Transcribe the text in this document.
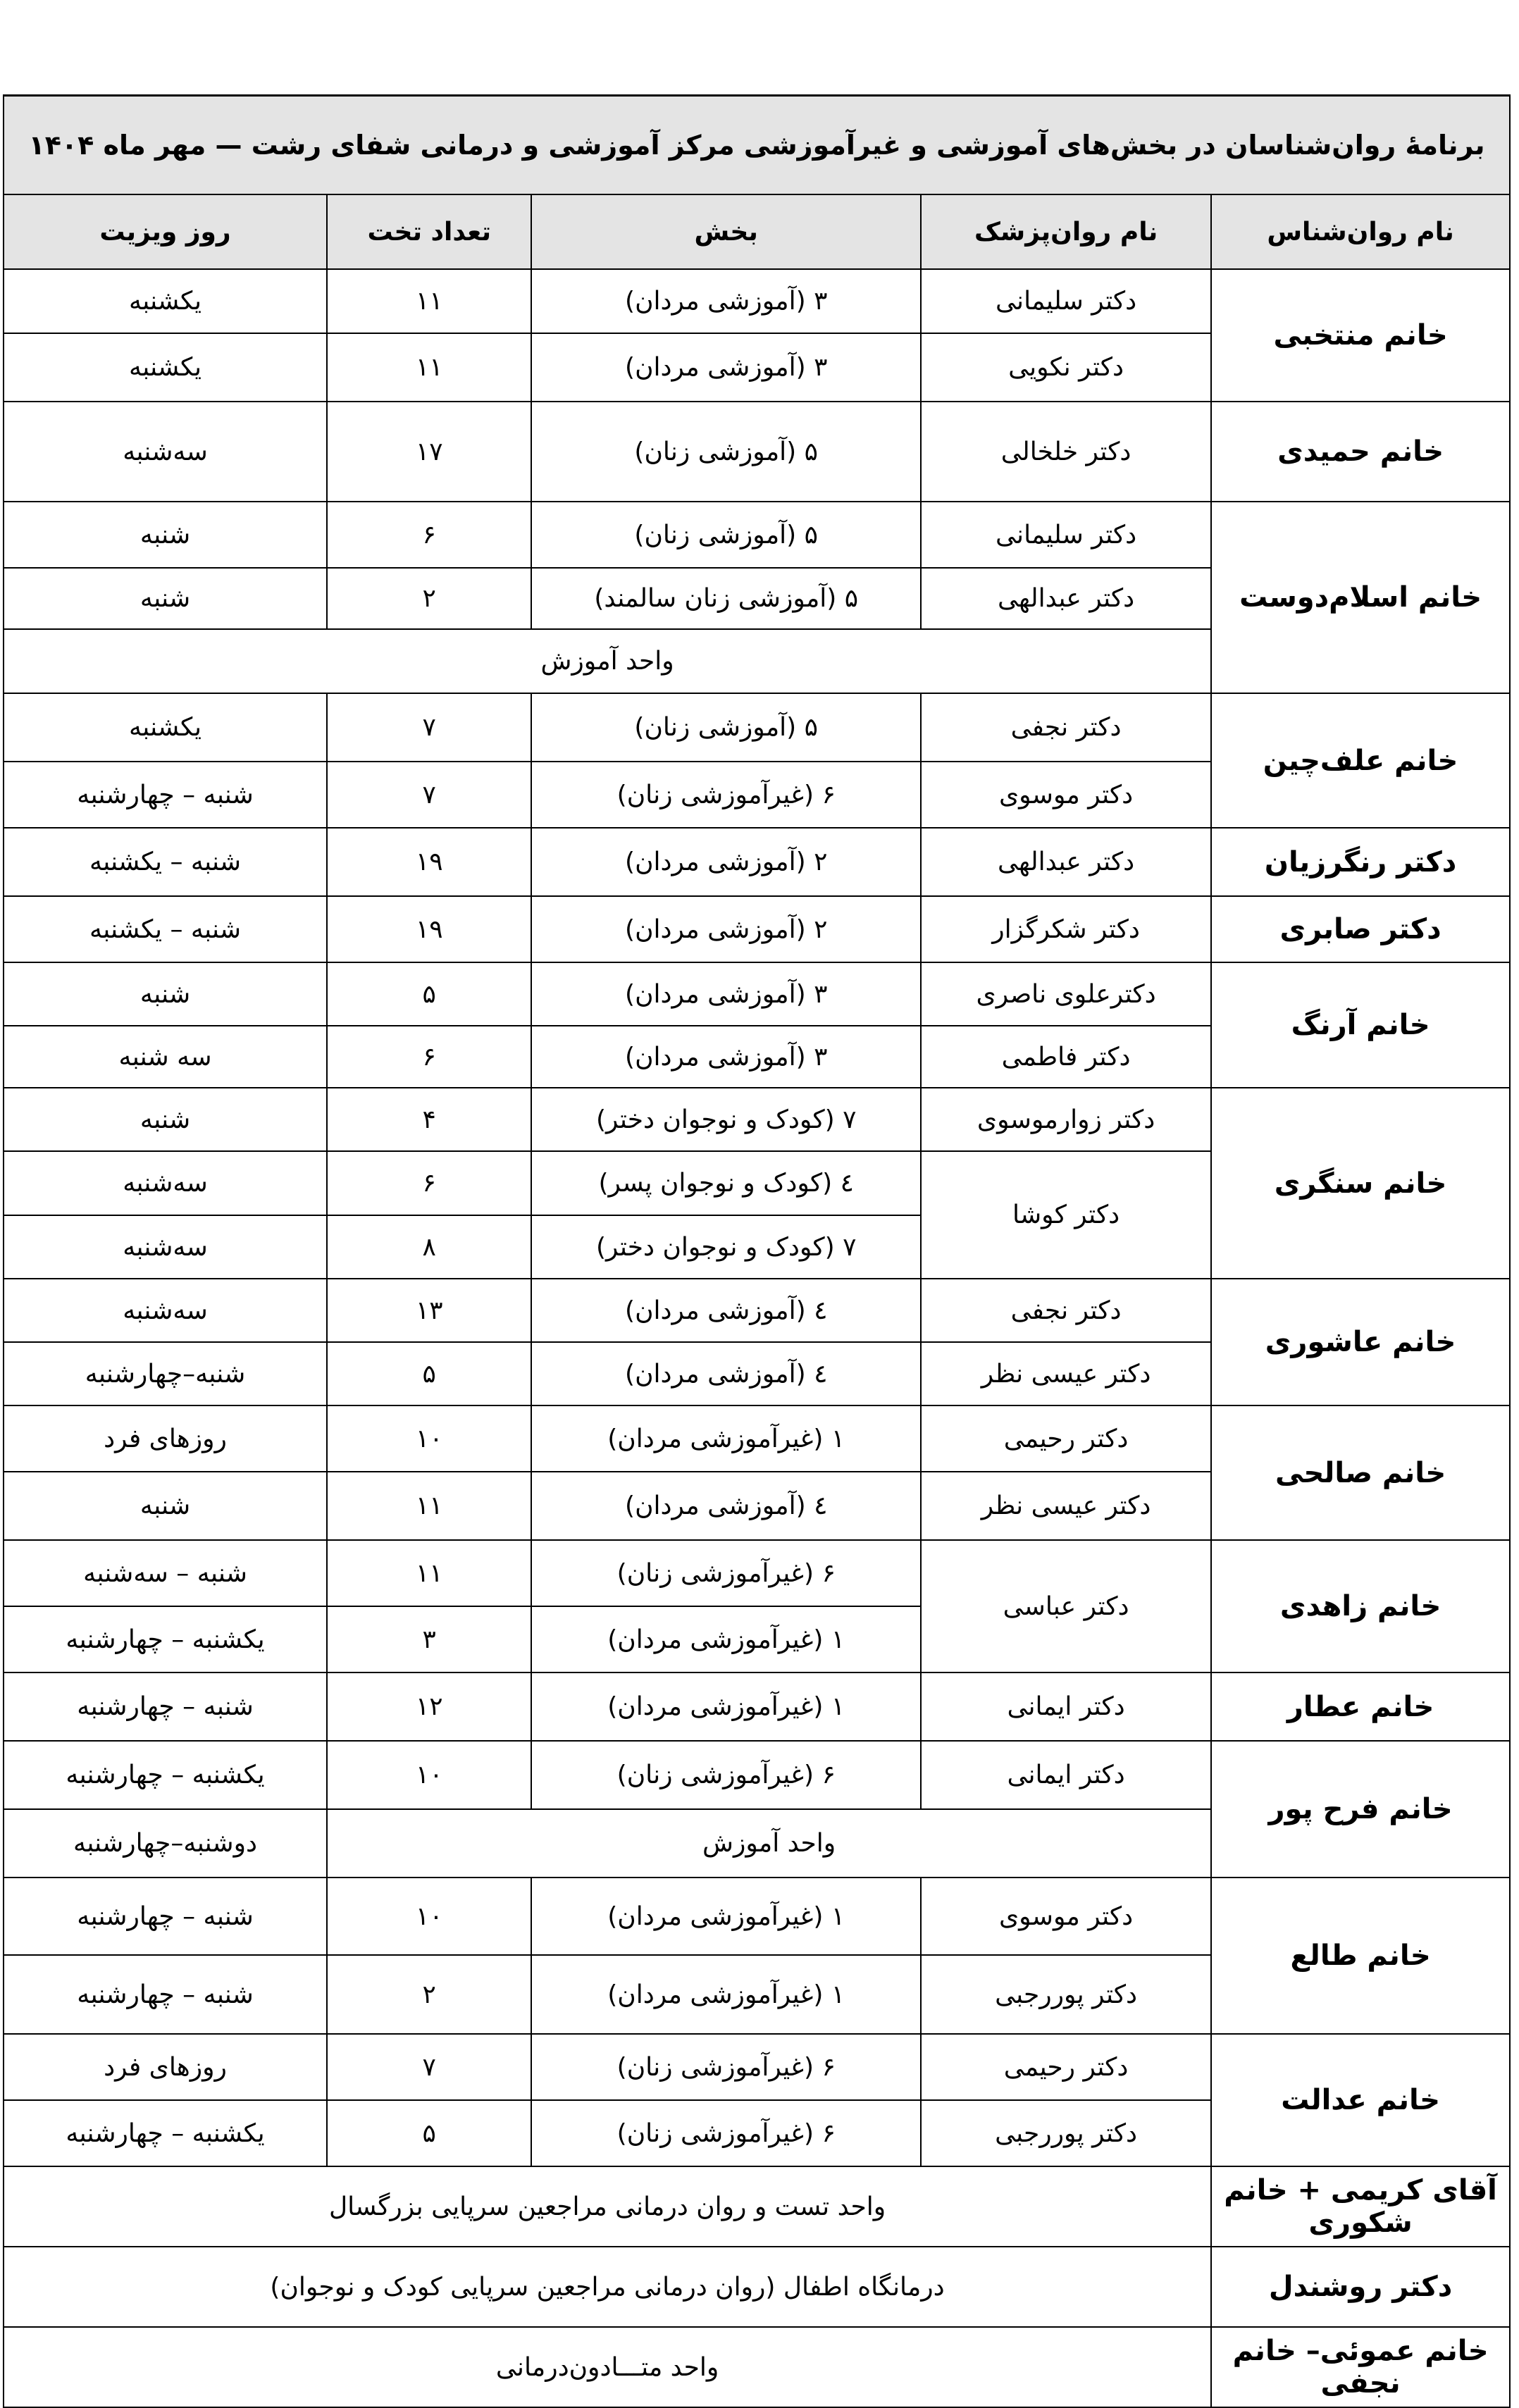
برنامهٔ روان‌شناسان در بخش‌های آموزشی و غیرآموزشی مرکز آموزشی و درمانی شفای رشت — مهر ماه ۱۴۰۴				
نام روان‌شناس	نام روان‌پزشک	بخش	تعداد تخت	روز ویزیت
خانم منتخبی	دکتر سلیمانی	۳ (آموزشی مردان)	۱۱	یکشنبه
	دکتر نکویی	۳ (آموزشی مردان)	۱۱	یکشنبه
خانم حمیدی	دکتر خلخالی	۵ (آموزشی زنان)	۱۷	سه‌شنبه
خانم اسلام‌دوست	دکتر سلیمانی	۵ (آموزشی زنان)	۶	شنبه
	دکتر عبدالهی	۵ (آموزشی زنان سالمند)	۲	شنبه
	واحد آموزش			
خانم علف‌چین	دکتر نجفی	۵ (آموزشی زنان)	۷	یکشنبه
	دکتر موسوی	۶ (غیرآموزشی زنان)	۷	شنبه – چهارشنبه
دکتر رنگرزیان	دکتر عبدالهی	۲ (آموزشی مردان)	۱۹	شنبه – یکشنبه
دکتر صابری	دکتر شکرگزار	۲ (آموزشی مردان)	۱۹	شنبه – یکشنبه
خانم آرنگ	دکترعلوی ناصری	۳ (آموزشی مردان)	۵	شنبه
	دکتر فاطمی	۳ (آموزشی مردان)	۶	سه شنبه
خانم سنگری	دکتر زوارموسوی	۷ (کودک و نوجوان دختر)	۴	شنبه
	دکتر کوشا	٤ (کودک و نوجوان پسر)	۶	سه‌شنبه
		۷ (کودک و نوجوان دختر)	۸	سه‌شنبه
خانم عاشوری	دکتر نجفی	٤ (آموزشی مردان)	۱۳	سه‌شنبه
	دکتر عیسی نظر	٤ (آموزشی مردان)	۵	شنبه–چهارشنبه
خانم صالحی	دکتر رحیمی	۱ (غیرآموزشی مردان)	۱۰	روزهای فرد
	دکتر عیسی نظر	٤ (آموزشی مردان)	۱۱	شنبه
خانم زاهدی	دکتر عباسی	۶ (غیرآموزشی زنان)	۱۱	شنبه – سه‌شنبه
		۱ (غیرآموزشی مردان)	۳	یکشنبه – چهارشنبه
خانم عطار	دکتر ایمانی	۱ (غیرآموزشی مردان)	۱۲	شنبه – چهارشنبه
خانم فرح پور	دکتر ایمانی	۶ (غیرآموزشی زنان)	۱۰	یکشنبه – چهارشنبه
	واحد آموزش			دوشنبه–چهارشنبه
خانم طالع	دکتر موسوی	۱ (غیرآموزشی مردان)	۱۰	شنبه – چهارشنبه
	دکتر پوررجبی	۱ (غیرآموزشی مردان)	۲	شنبه – چهارشنبه
خانم عدالت	دکتر رحیمی	۶ (غیرآموزشی زنان)	۷	روزهای فرد
	دکتر پوررجبی	۶ (غیرآموزشی زنان)	۵	یکشنبه – چهارشنبه
آقای کریمی + خانم شکوری	واحد تست و روان درمانی مراجعین سرپایی بزرگسال			
دکتر روشندل	درمانگاه اطفال (روان درمانی مراجعین سرپایی کودک و نوجوان)			
خانم عموئی– خانم نجفی	واحد متـــادون‌درمانی			
